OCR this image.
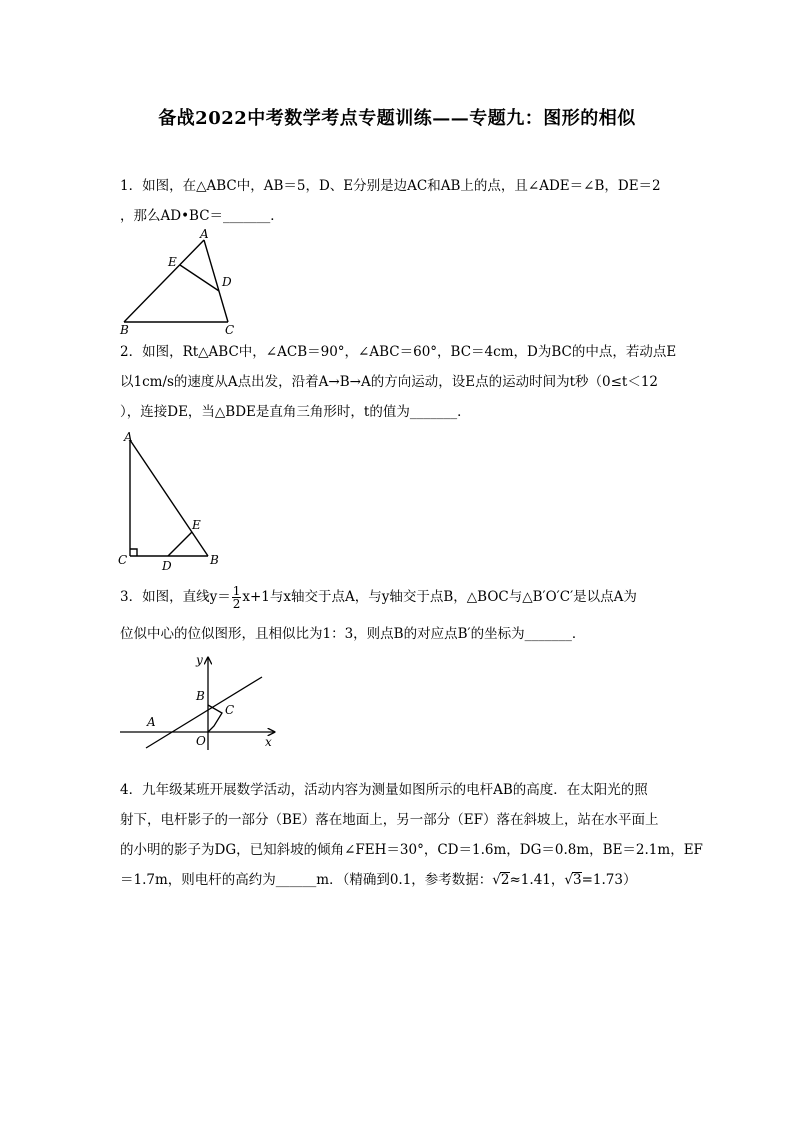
备战2022中考数学考点专题训练——专题九：图形的相似
1．如图，在△ABC中，AB＝5，D、E分别是边AC和AB上的点，且∠ADE＝∠B，DE＝2
，那么AD•BC＝_______．
A
E
D
B	C
2．如图，Rt△ABC中，∠ACB＝90°，∠ABC＝60°，BC＝4cm，D为BC的中点，若动点E
以1cm/s的速度从A点出发，沿着A→B→A的方向运动，设E点的运动时间为t秒（0≤t＜12
），连接DE，当△BDE是直角三角形时，t的值为_______．
A
E
C	D	B
3．如图，直线$y= \frac{1}{2} x+1$与x轴交于点A，与y轴交于点B，△BOC与△B′O′C′是以点A为
位似中心的位似图形，且相似比为1：3，则点B的对应点B′的坐标为_______．
y
B
C
A
O	x
4．九年级某班开展数学活动，活动内容为测量如图所示的电杆AB的高度．在太阳光的照
射下，电杆影子的一部分（BE）落在地面上，另一部分（EF）落在斜坡上，站在水平面上
的小明的影子为DG，已知斜坡的倾角∠FEH＝30°，CD＝1.6m，DG＝0.8m，BE＝2.1m，EF
＝1.7m，则电杆的高约为______m．（精确到0.1，参考数据：√2≈1.41，√3=1.73）
